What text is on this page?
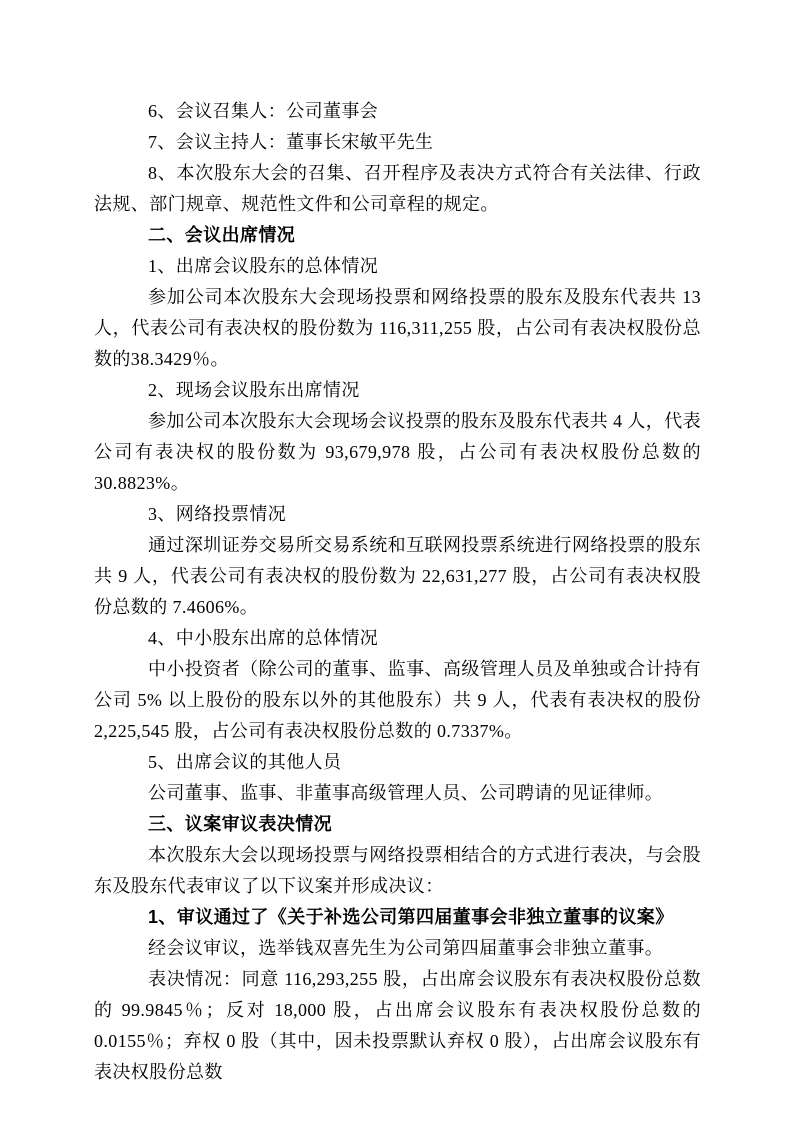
6、会议召集人：公司董事会

7、会议主持人：董事长宋敏平先生

8、本次股东大会的召集、召开程序及表决方式符合有关法律、行政法规、部门规章、规范性文件和公司章程的规定。

二、会议出席情况

1、出席会议股东的总体情况

参加公司本次股东大会现场投票和网络投票的股东及股东代表共 13 人，代表公司有表决权的股份数为 116,311,255 股，占公司有表决权股份总数的38.3429％。

2、现场会议股东出席情况

参加公司本次股东大会现场会议投票的股东及股东代表共 4 人，代表公司有表决权的股份数为 93,679,978 股，占公司有表决权股份总数的 30.8823%。

3、网络投票情况

通过深圳证券交易所交易系统和互联网投票系统进行网络投票的股东共 9 人，代表公司有表决权的股份数为 22,631,277 股，占公司有表决权股份总数的 7.4606%。

4、中小股东出席的总体情况

中小投资者（除公司的董事、监事、高级管理人员及单独或合计持有公司 5% 以上股份的股东以外的其他股东）共 9 人，代表有表决权的股份 2,225,545 股，占公司有表决权股份总数的 0.7337%。

5、出席会议的其他人员

公司董事、监事、非董事高级管理人员、公司聘请的见证律师。

三、议案审议表决情况

本次股东大会以现场投票与网络投票相结合的方式进行表决，与会股东及股东代表审议了以下议案并形成决议：

1、审议通过了《关于补选公司第四届董事会非独立董事的议案》

经会议审议，选举钱双喜先生为公司第四届董事会非独立董事。

表决情况：同意 116,293,255 股，占出席会议股东有表决权股份总数的 99.9845％；反对 18,000 股，占出席会议股东有表决权股份总数的 0.0155％；弃权 0 股（其中，因未投票默认弃权 0 股），占出席会议股东有表决权股份总数
